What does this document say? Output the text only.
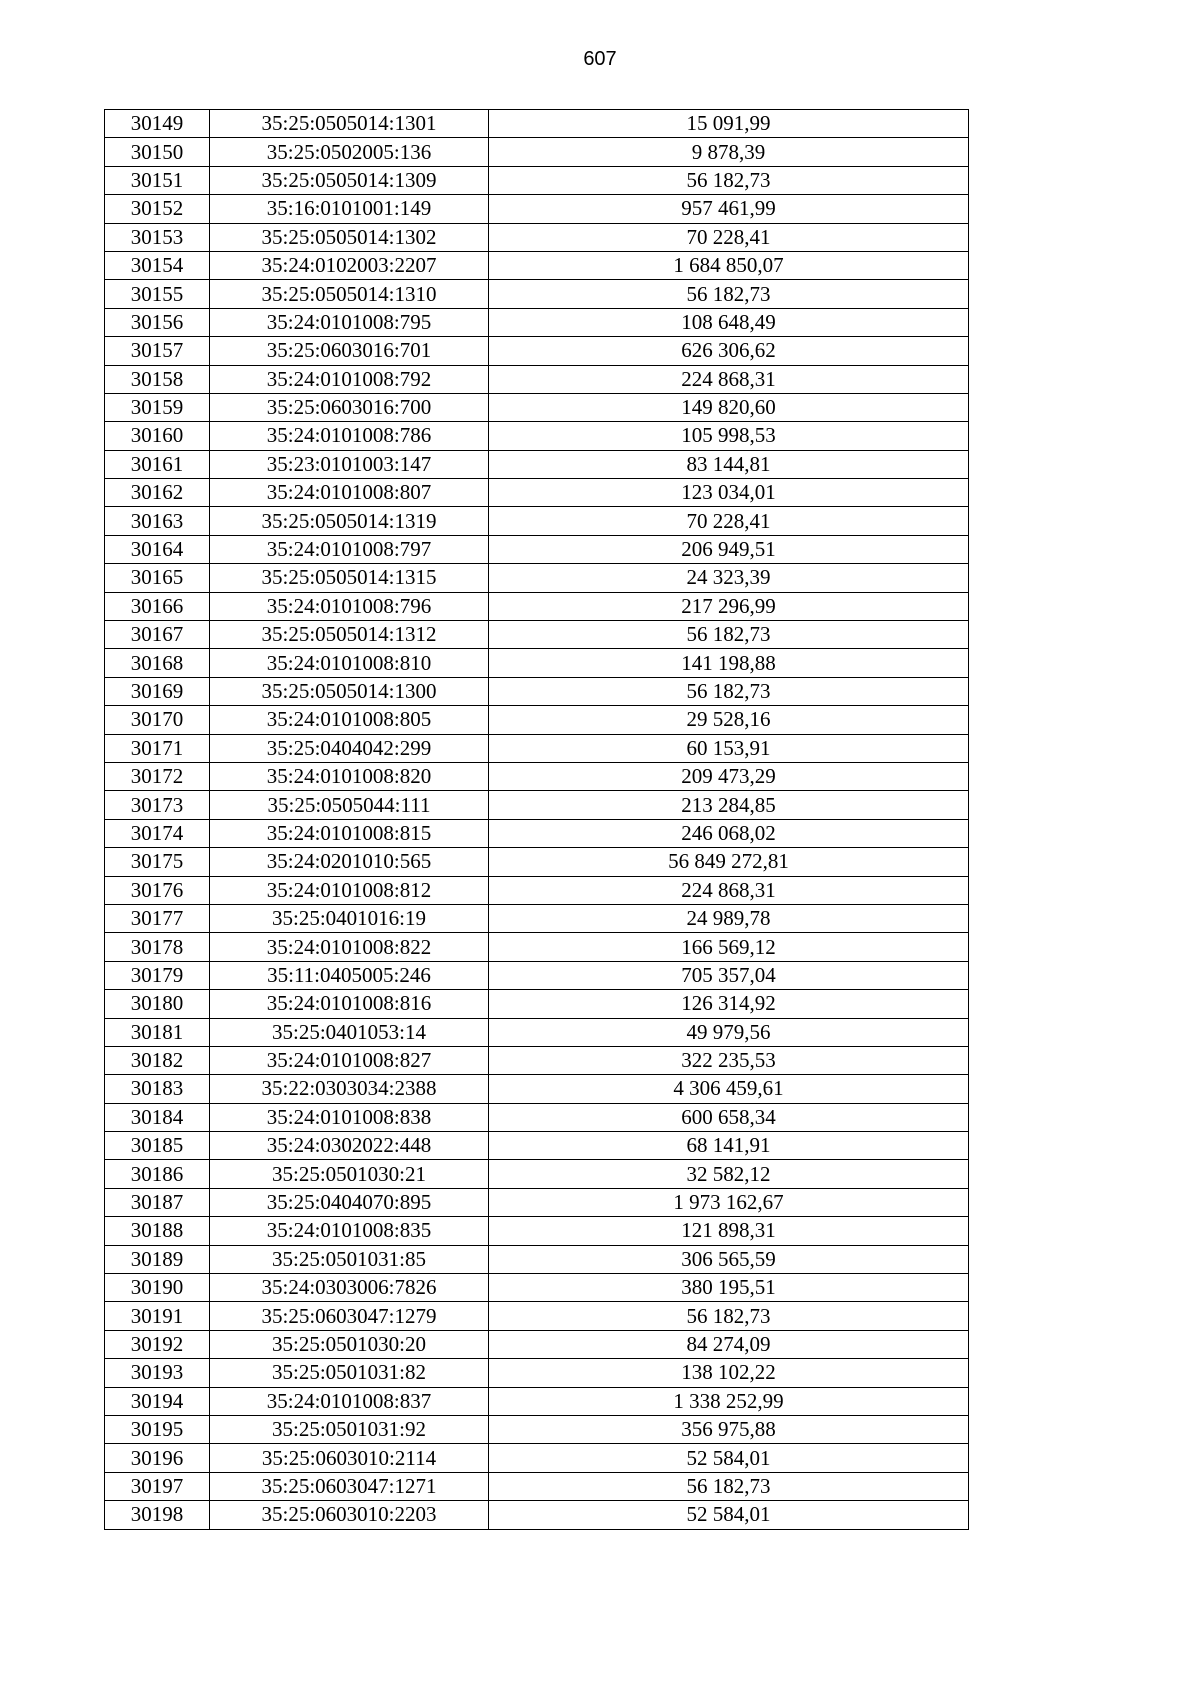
607
30149	35:25:0505014:1301	15 091,99
30150	35:25:0502005:136	9 878,39
30151	35:25:0505014:1309	56 182,73
30152	35:16:0101001:149	957 461,99
30153	35:25:0505014:1302	70 228,41
30154	35:24:0102003:2207	1 684 850,07
30155	35:25:0505014:1310	56 182,73
30156	35:24:0101008:795	108 648,49
30157	35:25:0603016:701	626 306,62
30158	35:24:0101008:792	224 868,31
30159	35:25:0603016:700	149 820,60
30160	35:24:0101008:786	105 998,53
30161	35:23:0101003:147	83 144,81
30162	35:24:0101008:807	123 034,01
30163	35:25:0505014:1319	70 228,41
30164	35:24:0101008:797	206 949,51
30165	35:25:0505014:1315	24 323,39
30166	35:24:0101008:796	217 296,99
30167	35:25:0505014:1312	56 182,73
30168	35:24:0101008:810	141 198,88
30169	35:25:0505014:1300	56 182,73
30170	35:24:0101008:805	29 528,16
30171	35:25:0404042:299	60 153,91
30172	35:24:0101008:820	209 473,29
30173	35:25:0505044:111	213 284,85
30174	35:24:0101008:815	246 068,02
30175	35:24:0201010:565	56 849 272,81
30176	35:24:0101008:812	224 868,31
30177	35:25:0401016:19	24 989,78
30178	35:24:0101008:822	166 569,12
30179	35:11:0405005:246	705 357,04
30180	35:24:0101008:816	126 314,92
30181	35:25:0401053:14	49 979,56
30182	35:24:0101008:827	322 235,53
30183	35:22:0303034:2388	4 306 459,61
30184	35:24:0101008:838	600 658,34
30185	35:24:0302022:448	68 141,91
30186	35:25:0501030:21	32 582,12
30187	35:25:0404070:895	1 973 162,67
30188	35:24:0101008:835	121 898,31
30189	35:25:0501031:85	306 565,59
30190	35:24:0303006:7826	380 195,51
30191	35:25:0603047:1279	56 182,73
30192	35:25:0501030:20	84 274,09
30193	35:25:0501031:82	138 102,22
30194	35:24:0101008:837	1 338 252,99
30195	35:25:0501031:92	356 975,88
30196	35:25:0603010:2114	52 584,01
30197	35:25:0603047:1271	56 182,73
30198	35:25:0603010:2203	52 584,01
